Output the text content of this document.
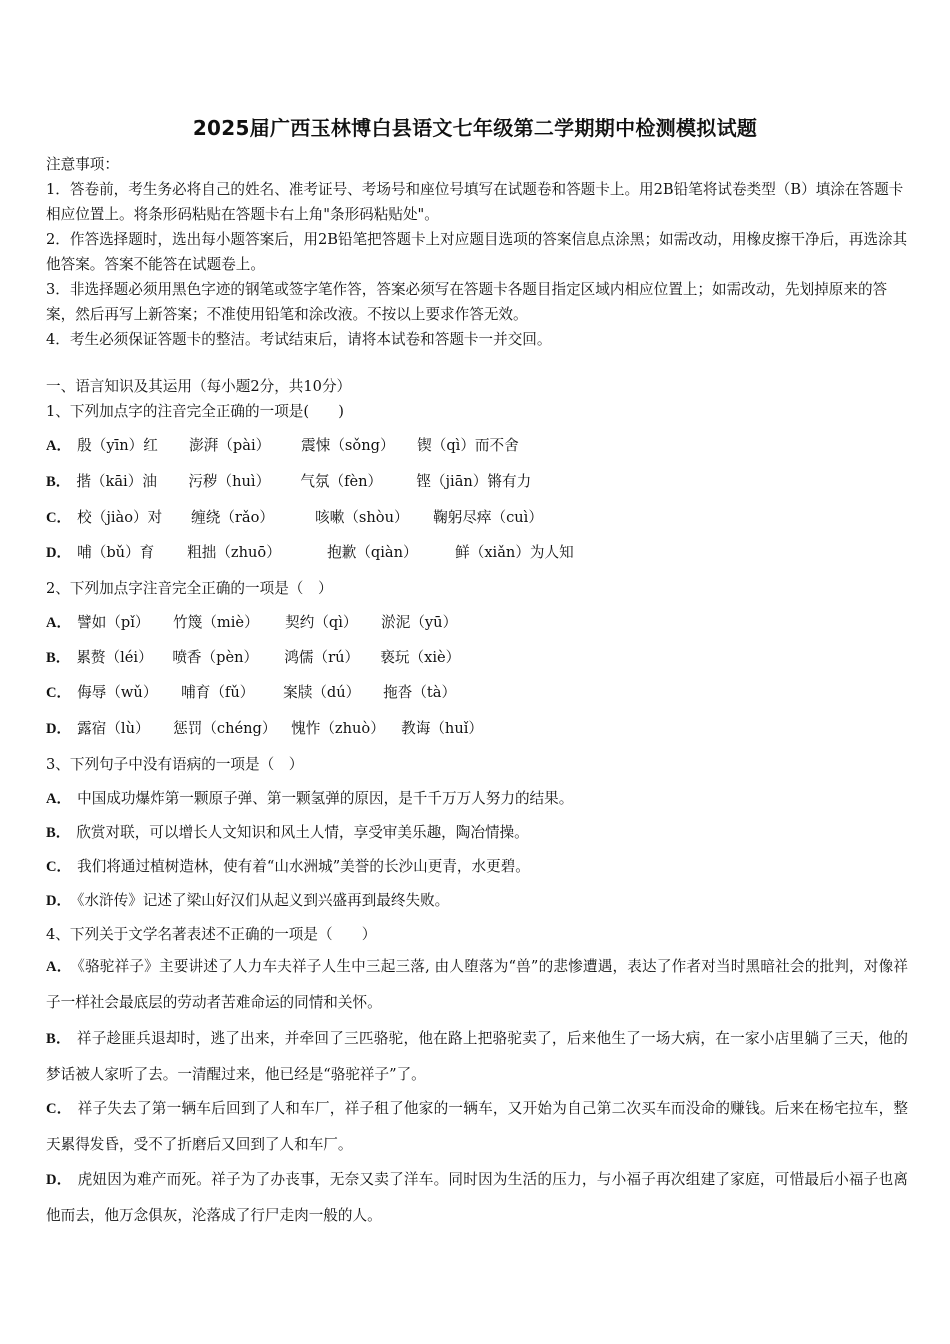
2025届广西玉林博白县语文七年级第二学期期中检测模拟试题

注意事项：

1．答卷前，考生务必将自己的姓名、准考证号、考场号和座位号填写在试题卷和答题卡上。用2B铅笔将试卷类型（B）填涂在答题卡相应位置上。将条形码粘贴在答题卡右上角"条形码粘贴处"。

2．作答选择题时，选出每小题答案后，用2B铅笔把答题卡上对应题目选项的答案信息点涂黑；如需改动，用橡皮擦干净后，再选涂其他答案。答案不能答在试题卷上。

3．非选择题必须用黑色字迹的钢笔或签字笔作答，答案必须写在答题卡各题目指定区域内相应位置上；如需改动，先划掉原来的答案，然后再写上新答案；不准使用铅笔和涂改液。不按以上要求作答无效。

4．考生必须保证答题卡的整洁。考试结束后，请将本试卷和答题卡一并交回。

一、语言知识及其运用（每小题2分，共10分）
1、下列加点字的注音完全正确的一项是(　　)
A． 殷（yīn）红 澎湃（pài） 震悚（sǒng） 锲（qì）而不舍
B． 揩（kāi）油 污秽（huì） 气氛（fèn） 铿（jiān）锵有力
C． 校（jiào）对 缠绕（rǎo）	咳嗽（shòu） 鞠躬尽瘁（cuì）
D． 哺（bǔ）育 粗拙（zhuō）	抱歉（qiàn）	鲜（xiǎn）为人知
2、下列加点字注音完全正确的一项是（　）
A． 譬如（pǐ） 竹篾（miè） 契约（qì） 淤泥（yū）
B． 累赘（léi） 喷香（pèn） 鸿儒（rú） 亵玩（xiè）
C． 侮辱（wǔ） 哺育（fǔ） 案牍（dú） 拖沓（tà）
D． 露宿（lù） 惩罚（chéng） 愧怍（zhuò） 教诲（huǐ）
3、下列句子中没有语病的一项是（　）
A． 中国成功爆炸第一颗原子弹、第一颗氢弹的原因，是千千万万人努力的结果。
B． 欣赏对联，可以增长人文知识和风土人情，享受审美乐趣，陶冶情操。
C． 我们将通过植树造林，使有着“山水洲城”美誉的长沙山更青，水更碧。
D． 《水浒传》记述了梁山好汉们从起义到兴盛再到最终失败。
4、下列关于文学名著表述不正确的一项是（　　）
A． 《骆驼祥子》主要讲述了人力车夫祥子人生中三起三落, 由人堕落为“兽”的悲惨遭遇，表达了作者对当时黑暗社会的批判，对像祥子一样社会最底层的劳动者苦难命运的同情和关怀。
B． 祥子趁匪兵退却时，逃了出来，并牵回了三匹骆驼，他在路上把骆驼卖了，后来他生了一场大病，在一家小店里躺了三天，他的梦话被人家听了去。一清醒过来，他已经是“骆驼祥子”了。
C． 祥子失去了第一辆车后回到了人和车厂，祥子租了他家的一辆车，又开始为自己第二次买车而没命的赚钱。后来在杨宅拉车，整天累得发昏，受不了折磨后又回到了人和车厂。
D． 虎妞因为难产而死。祥子为了办丧事，无奈又卖了洋车。同时因为生活的压力，与小福子再次组建了家庭，可惜最后小福子也离他而去，他万念俱灰，沦落成了行尸走肉一般的人。
